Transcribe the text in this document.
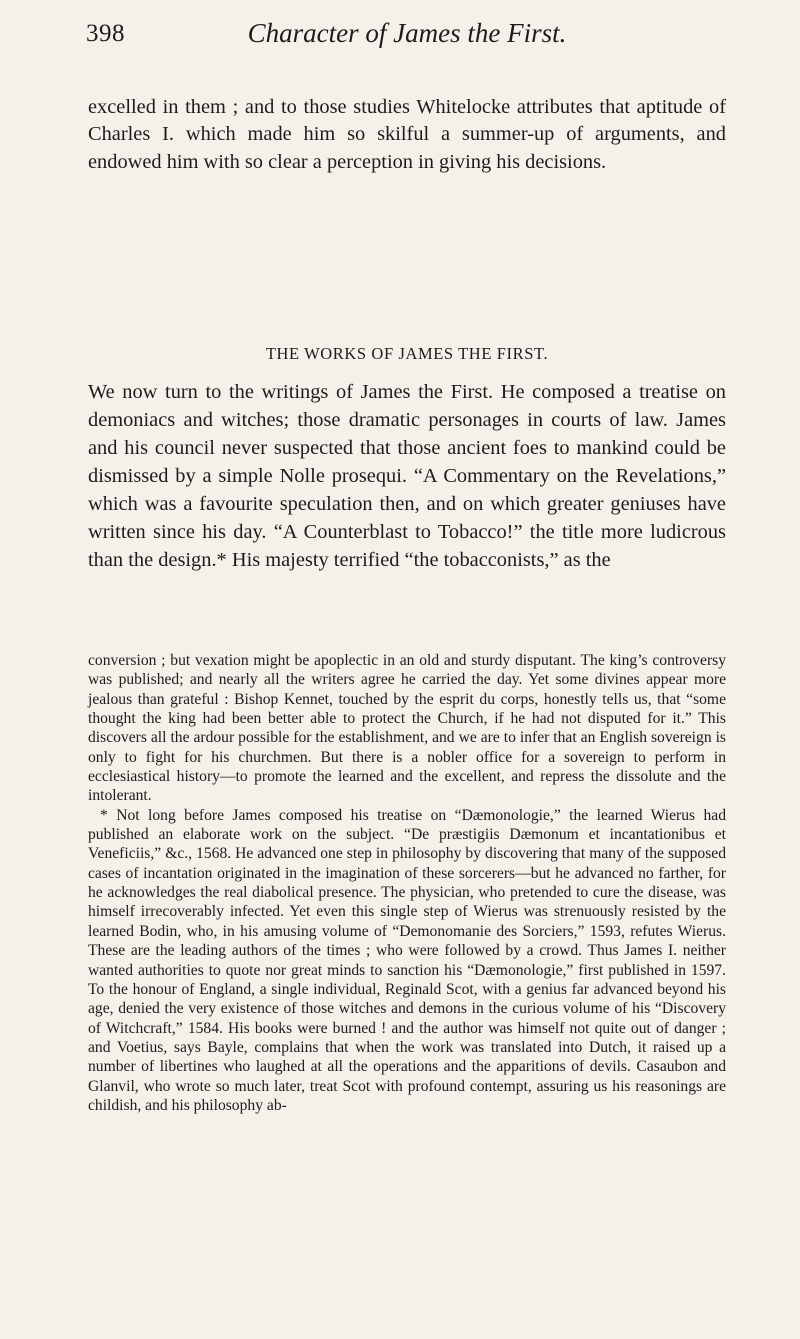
398	Character of James the First.

excelled in them ; and to those studies Whitelocke attributes that aptitude of Charles I. which made him so skilful a summer-up of arguments, and endowed him with so clear a perception in giving his decisions.

THE WORKS OF JAMES THE FIRST.

We now turn to the writings of James the First. He composed a treatise on demoniacs and witches; those dramatic personages in courts of law. James and his council never suspected that those ancient foes to mankind could be dismissed by a simple Nolle prosequi. “A Commentary on the Revelations,” which was a favourite speculation then, and on which greater geniuses have written since his day. “A Counterblast to Tobacco!” the title more ludicrous than the design.* His majesty terrified “the tobacconists,” as the

conversion ; but vexation might be apoplectic in an old and sturdy disputant. The king’s controversy was published; and nearly all the writers agree he carried the day. Yet some divines appear more jealous than grateful : Bishop Kennet, touched by the esprit du corps, honestly tells us, that “some thought the king had been better able to protect the Church, if he had not disputed for it.” This discovers all the ardour possible for the establishment, and we are to infer that an English sovereign is only to fight for his churchmen. But there is a nobler office for a sovereign to perform in ecclesiastical history—to promote the learned and the excellent, and repress the dissolute and the intolerant.

* Not long before James composed his treatise on “Dæmonologie,” the learned Wierus had published an elaborate work on the subject. “De præstigiis Dæmonum et incantationibus et Veneficiis,” &c., 1568. He advanced one step in philosophy by discovering that many of the supposed cases of incantation originated in the imagination of these sorcerers—but he advanced no farther, for he acknowledges the real diabolical presence. The physician, who pretended to cure the disease, was himself irrecoverably infected. Yet even this single step of Wierus was strenuously resisted by the learned Bodin, who, in his amusing volume of “Demonomanie des Sorciers,” 1593, refutes Wierus. These are the leading authors of the times ; who were followed by a crowd. Thus James I. neither wanted authorities to quote nor great minds to sanction his “Dæmonologie,” first published in 1597. To the honour of England, a single individual, Reginald Scot, with a genius far advanced beyond his age, denied the very existence of those witches and demons in the curious volume of his “Discovery of Witchcraft,” 1584. His books were burned ! and the author was himself not quite out of danger ; and Voetius, says Bayle, complains that when the work was translated into Dutch, it raised up a number of libertines who laughed at all the operations and the apparitions of devils. Casaubon and Glanvil, who wrote so much later, treat Scot with profound contempt, assuring us his reasonings are childish, and his philosophy ab-
